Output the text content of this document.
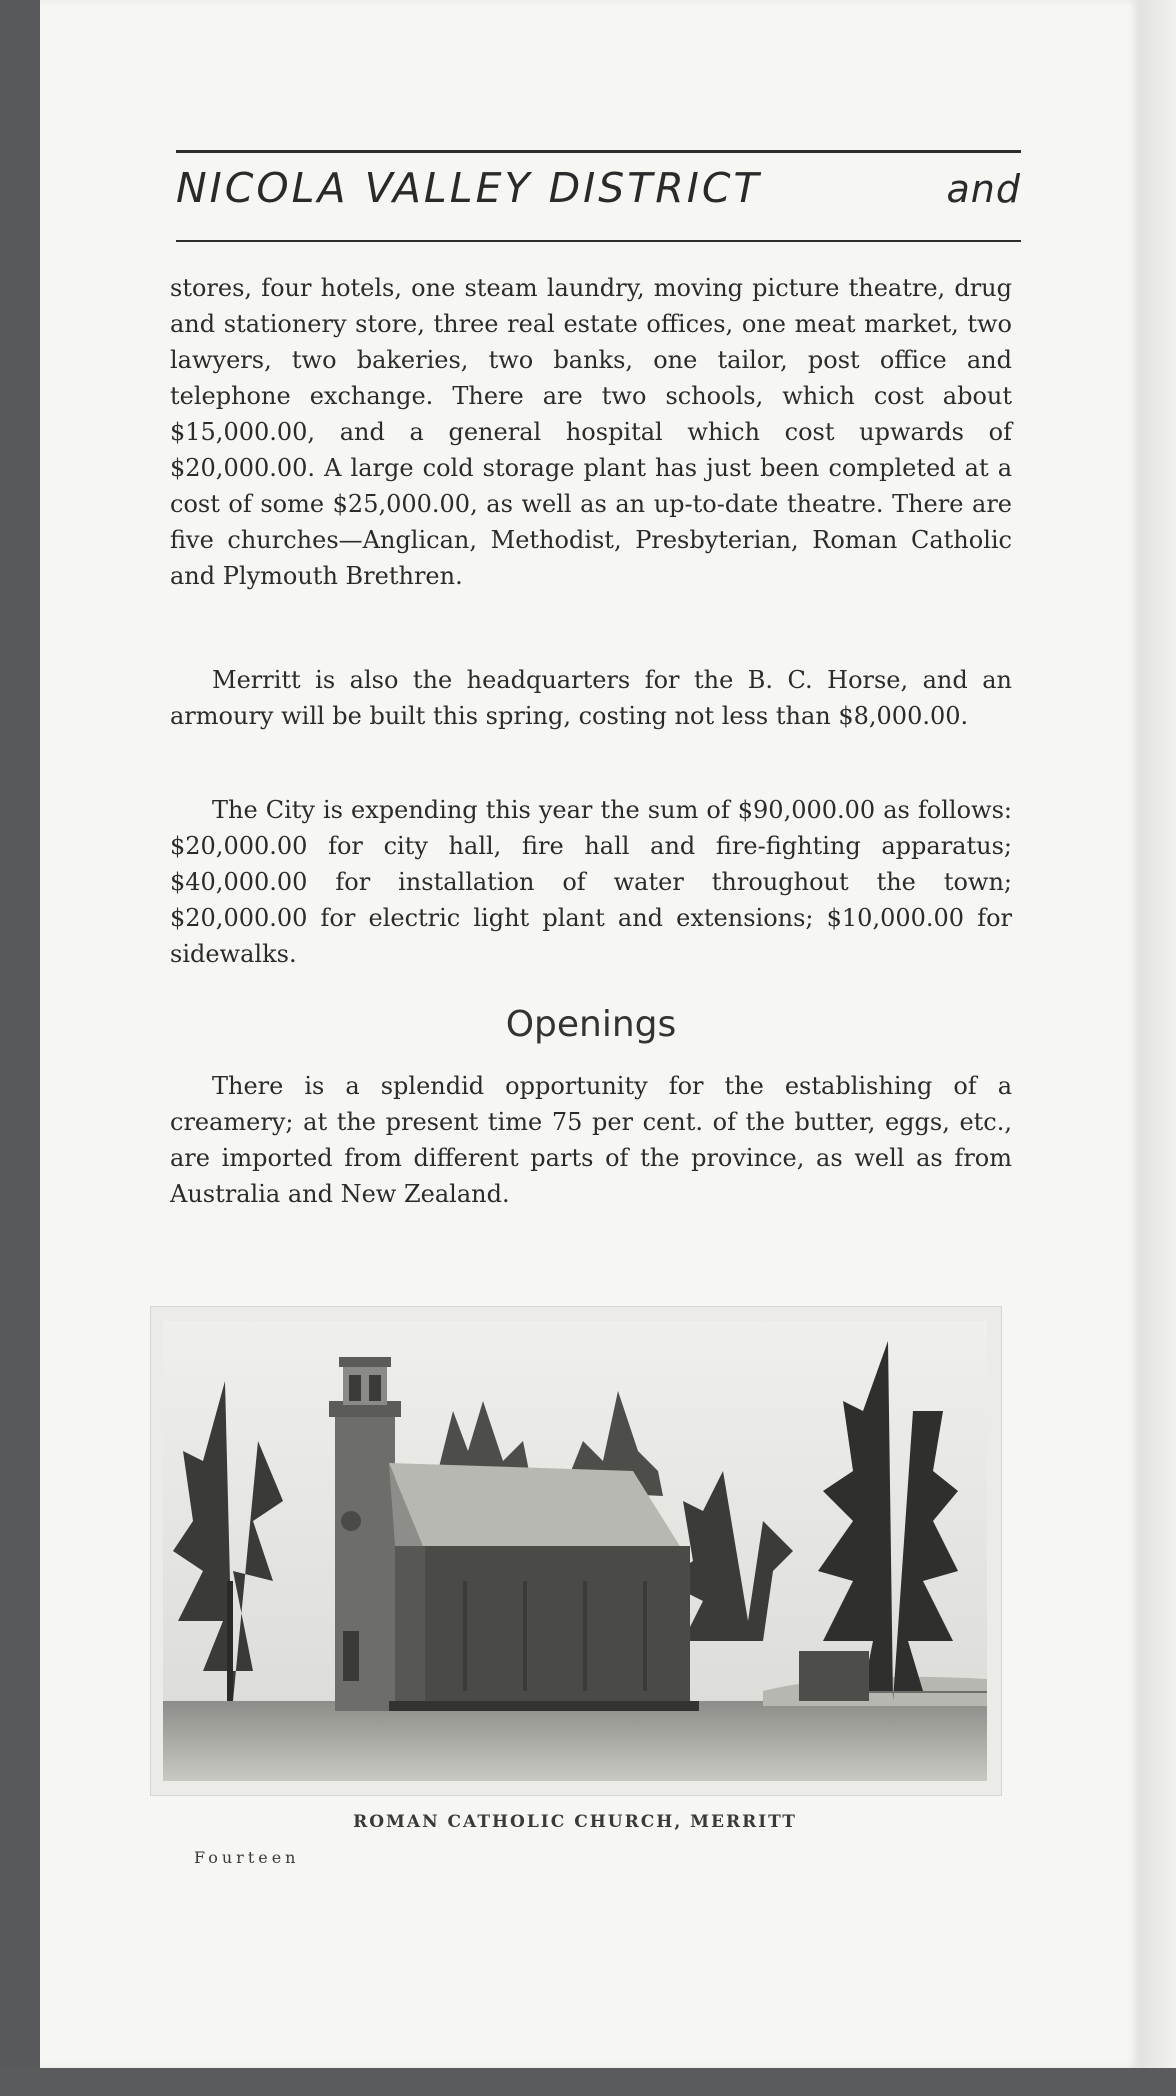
NICOLA VALLEY DISTRICT	and

stores, four hotels, one steam laundry, moving picture theatre, drug and stationery store, three real estate offices, one meat market, two lawyers, two bakeries, two banks, one tailor, post office and telephone exchange. There are two schools, which cost about $15,000.00, and a general hospital which cost upwards of $20,000.00. A large cold storage plant has just been completed at a cost of some $25,000.00, as well as an up-to-date theatre. There are five churches—Anglican, Methodist, Presbyterian, Roman Catholic and Plymouth Brethren.

Merritt is also the headquarters for the B. C. Horse, and an armoury will be built this spring, costing not less than $8,000.00.

The City is expending this year the sum of $90,000.00 as follows: $20,000.00 for city hall, fire hall and fire-fighting apparatus; $40,000.00 for installation of water throughout the town; $20,000.00 for electric light plant and extensions; $10,000.00 for sidewalks.

Openings

There is a splendid opportunity for the establishing of a creamery; at the present time 75 per cent. of the butter, eggs, etc., are imported from different parts of the province, as well as from Australia and New Zealand.

ROMAN CATHOLIC CHURCH, MERRITT
Fourteen
